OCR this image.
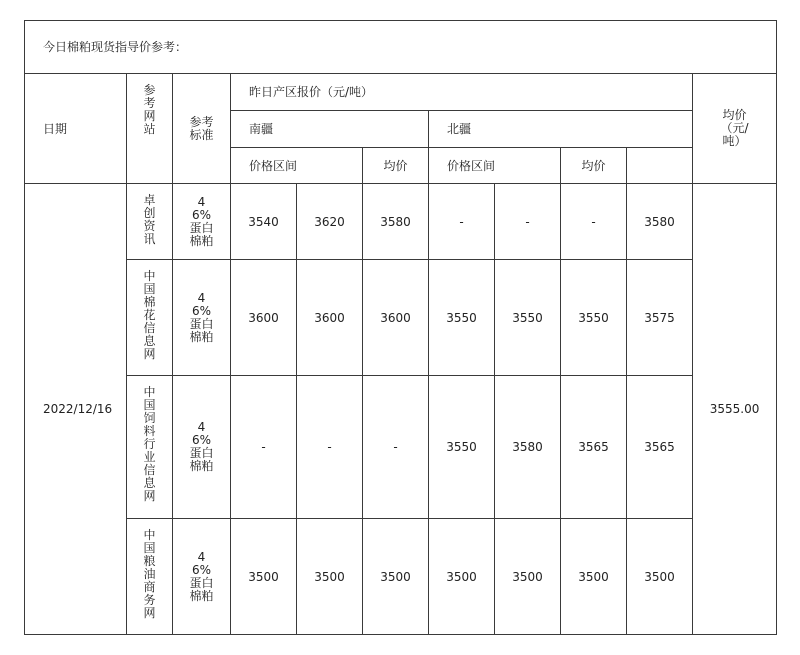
今日棉粕现货指导价参考：											
日期	参考网站	参考标准	昨日产区报价（元/吨）							均价（元/吨）

			南疆			北疆					
			价格区间		均价	价格区间		均价			
2022/12/16	卓创资讯	46%蛋白棉粕	3540	3620	3580	-	-	-	3580	3555.00	

	中国棉花信息网	46%蛋白棉粕	3600	3600	3600	3550	3550	3550	3575		

	中国饲料行业信息网	46%蛋白棉粕	-	-	-	3550	3580	3565	3565		

	中国粮油商务网	46%蛋白棉粕	3500	3500	3500	3500	3500	3500	3500		
